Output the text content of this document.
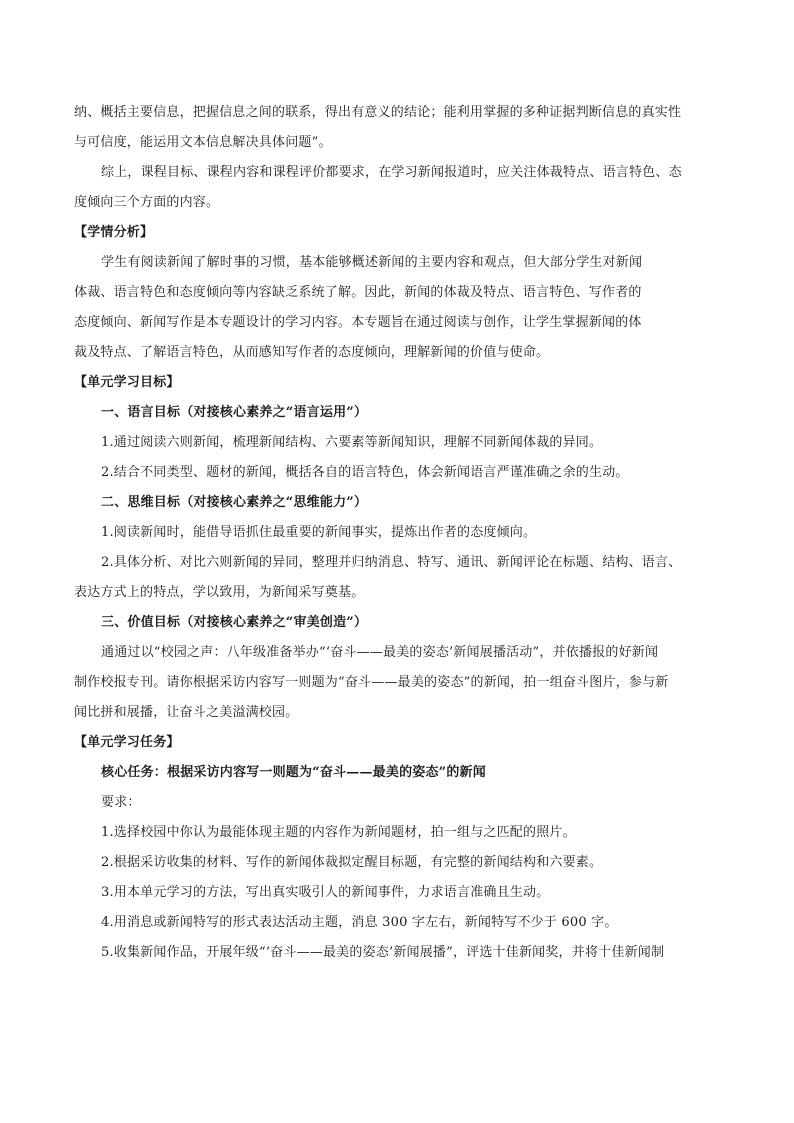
纳、概括主要信息，把握信息之间的联系，得出有意义的结论；能利用掌握的多种证据判断信息的真实性
与可信度，能运用文本信息解决具体问题”。
综上，课程目标、课程内容和课程评价都要求，在学习新闻报道时，应关注体裁特点、语言特色、态
度倾向三个方面的内容。
【学情分析】
学生有阅读新闻了解时事的习惯，基本能够概述新闻的主要内容和观点，但大部分学生对新闻
体裁、语言特色和态度倾向等内容缺乏系统了解。因此，新闻的体裁及特点、语言特色、写作者的
态度倾向、新闻写作是本专题设计的学习内容。本专题旨在通过阅读与创作，让学生掌握新闻的体
裁及特点、了解语言特色，从而感知写作者的态度倾向，理解新闻的价值与使命。
【单元学习目标】
一、语言目标（对接核心素养之“语言运用”）
1.通过阅读六则新闻，梳理新闻结构、六要素等新闻知识，理解不同新闻体裁的异同。
2.结合不同类型、题材的新闻，概括各自的语言特色，体会新闻语言严谨准确之余的生动。
二、思维目标（对接核心素养之“思维能力”）
1.阅读新闻时，能借导语抓住最重要的新闻事实，提炼出作者的态度倾向。
2.具体分析、对比六则新闻的异同，整理并归纳消息、特写、通讯、新闻评论在标题、结构、语言、
表达方式上的特点，学以致用，为新闻采写奠基。
三、价值目标（对接核心素养之“审美创造”）
通通过以“校园之声：八年级准备举办“‘奋斗——最美的姿态’新闻展播活动”，并依播报的好新闻
制作校报专刊。请你根据采访内容写一则题为“奋斗——最美的姿态”的新闻，拍一组奋斗图片，参与新
闻比拼和展播，让奋斗之美溢满校园。
【单元学习任务】
核心任务：根据采访内容写一则题为“奋斗——最美的姿态”的新闻
要求：
1.选择校园中你认为最能体现主题的内容作为新闻题材，拍一组与之匹配的照片。
2.根据采访收集的材料、写作的新闻体裁拟定醒目标题，有完整的新闻结构和六要素。
3.用本单元学习的方法，写出真实吸引人的新闻事件，力求语言准确且生动。
4.用消息或新闻特写的形式表达活动主题，消息 300 字左右，新闻特写不少于 600 字。
5.收集新闻作品，开展年级“‘奋斗——最美的姿态’新闻展播”，评选十佳新闻奖，并将十佳新闻制
